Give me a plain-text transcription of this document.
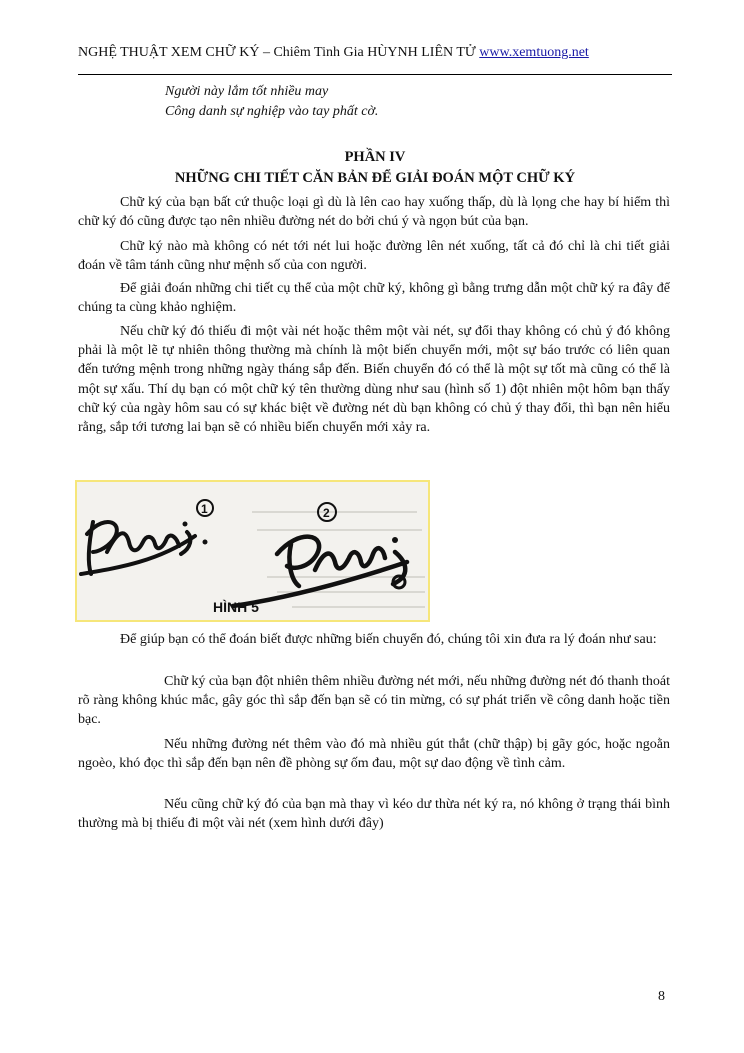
NGHỆ THUẬT XEM CHỮ KÝ – Chiêm Tinh Gia HÙYNH LIÊN TỬ www.xemtuong.net
Người này lắm tốt nhiều may
Công danh sự nghiệp vào tay phất cờ.
PHẦN IV
NHỮNG CHI TIẾT CĂN BẢN ĐỂ GIẢI ĐOÁN MỘT CHỮ KÝ

Chữ ký của bạn bất cứ thuộc loại gì dù là lên cao hay xuống thấp, dù là lọng che hay bí hiểm thì chữ ký đó cũng được tạo nên nhiều đường nét do bởi chú ý và ngọn bút của bạn.

Chữ ký nào mà không có nét tới nét lui hoặc đường lên nét xuống, tất cả đó chỉ là chi tiết giải đoán về tâm tánh cũng như mệnh số của con người.

Để giải đoán những chi tiết cụ thể của một chữ ký, không gì bằng trưng dẫn một chữ ký ra đây để chúng ta cùng khảo nghiệm.

Nếu chữ ký đó thiếu đi một vài nét hoặc thêm một vài nét, sự đổi thay không có chủ ý đó không phải là một lẽ tự nhiên thông thường mà chính là một biến chuyển mới, một sự báo trước có liên quan đến tướng mệnh trong những ngày tháng sắp đến. Biến chuyển đó có thể là một sự tốt mà cũng có thể là một sự xấu. Thí dụ bạn có một chữ ký tên thường dùng như sau (hình số 1) đột nhiên một hôm bạn thấy chữ ký của ngày hôm sau có sự khác biệt về đường nét dù bạn không có chủ ý thay đổi, thì bạn nên hiểu rằng, sắp tới tương lai bạn sẽ có nhiều biến chuyển mới xảy ra.

1	2
HÌNH 5

Để giúp bạn có thể đoán biết được những biến chuyển đó, chúng tôi xin đưa ra lý đoán như sau:

Chữ ký của bạn đột nhiên thêm nhiều đường nét mới, nếu những đường nét đó thanh thoát rõ ràng không khúc mắc, gây góc thì sắp đến bạn sẽ có tin mừng, có sự phát triển về công danh hoặc tiền bạc.

Nếu những đường nét thêm vào đó mà nhiều gút thắt (chữ thập) bị gãy góc, hoặc ngoằn ngoèo, khó đọc thì sắp đến bạn nên đề phòng sự ốm đau, một sự dao động về tình cảm.

Nếu cũng chữ ký đó của bạn mà thay vì kéo dư thừa nét ký ra, nó không ở trạng thái bình thường mà bị thiếu đi một vài nét (xem hình dưới đây)

8
